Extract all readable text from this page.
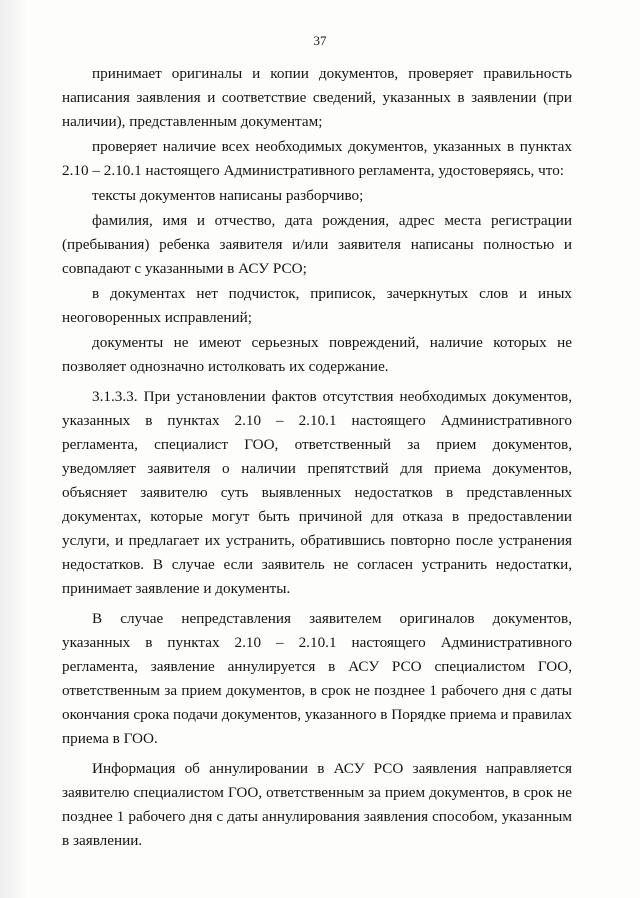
37

принимает оригиналы и копии документов, проверяет правильность написания заявления и соответствие сведений, указанных в заявлении (при наличии), представленным документам;

проверяет наличие всех необходимых документов, указанных в пунктах 2.10 – 2.10.1 настоящего Административного регламента, удостоверяясь, что:

тексты документов написаны разборчиво;

фамилия, имя и отчество, дата рождения, адрес места регистрации (пребывания) ребенка заявителя и/или заявителя написаны полностью и совпадают с указанными в АСУ РСО;

в документах нет подчисток, приписок, зачеркнутых слов и иных неоговоренных исправлений;

документы не имеют серьезных повреждений, наличие которых не позволяет однозначно истолковать их содержание.

3.1.3.3. При установлении фактов отсутствия необходимых документов, указанных в пунктах 2.10 – 2.10.1 настоящего Административного регламента, специалист ГОО, ответственный за прием документов, уведомляет заявителя о наличии препятствий для приема документов, объясняет заявителю суть выявленных недостатков в представленных документах, которые могут быть причиной для отказа в предоставлении услуги, и предлагает их устранить, обратившись повторно после устранения недостатков. В случае если заявитель не согласен устранить недостатки, принимает заявление и документы.

В случае непредставления заявителем оригиналов документов, указанных в пунктах 2.10 – 2.10.1 настоящего Административного регламента, заявление аннулируется в АСУ РСО специалистом ГОО, ответственным за прием документов, в срок не позднее 1 рабочего дня с даты окончания срока подачи документов, указанного в Порядке приема и правилах приема в ГОО.

Информация об аннулировании в АСУ РСО заявления направляется заявителю специалистом ГОО, ответственным за прием документов, в срок не позднее 1 рабочего дня с даты аннулирования заявления способом, указанным в заявлении.
